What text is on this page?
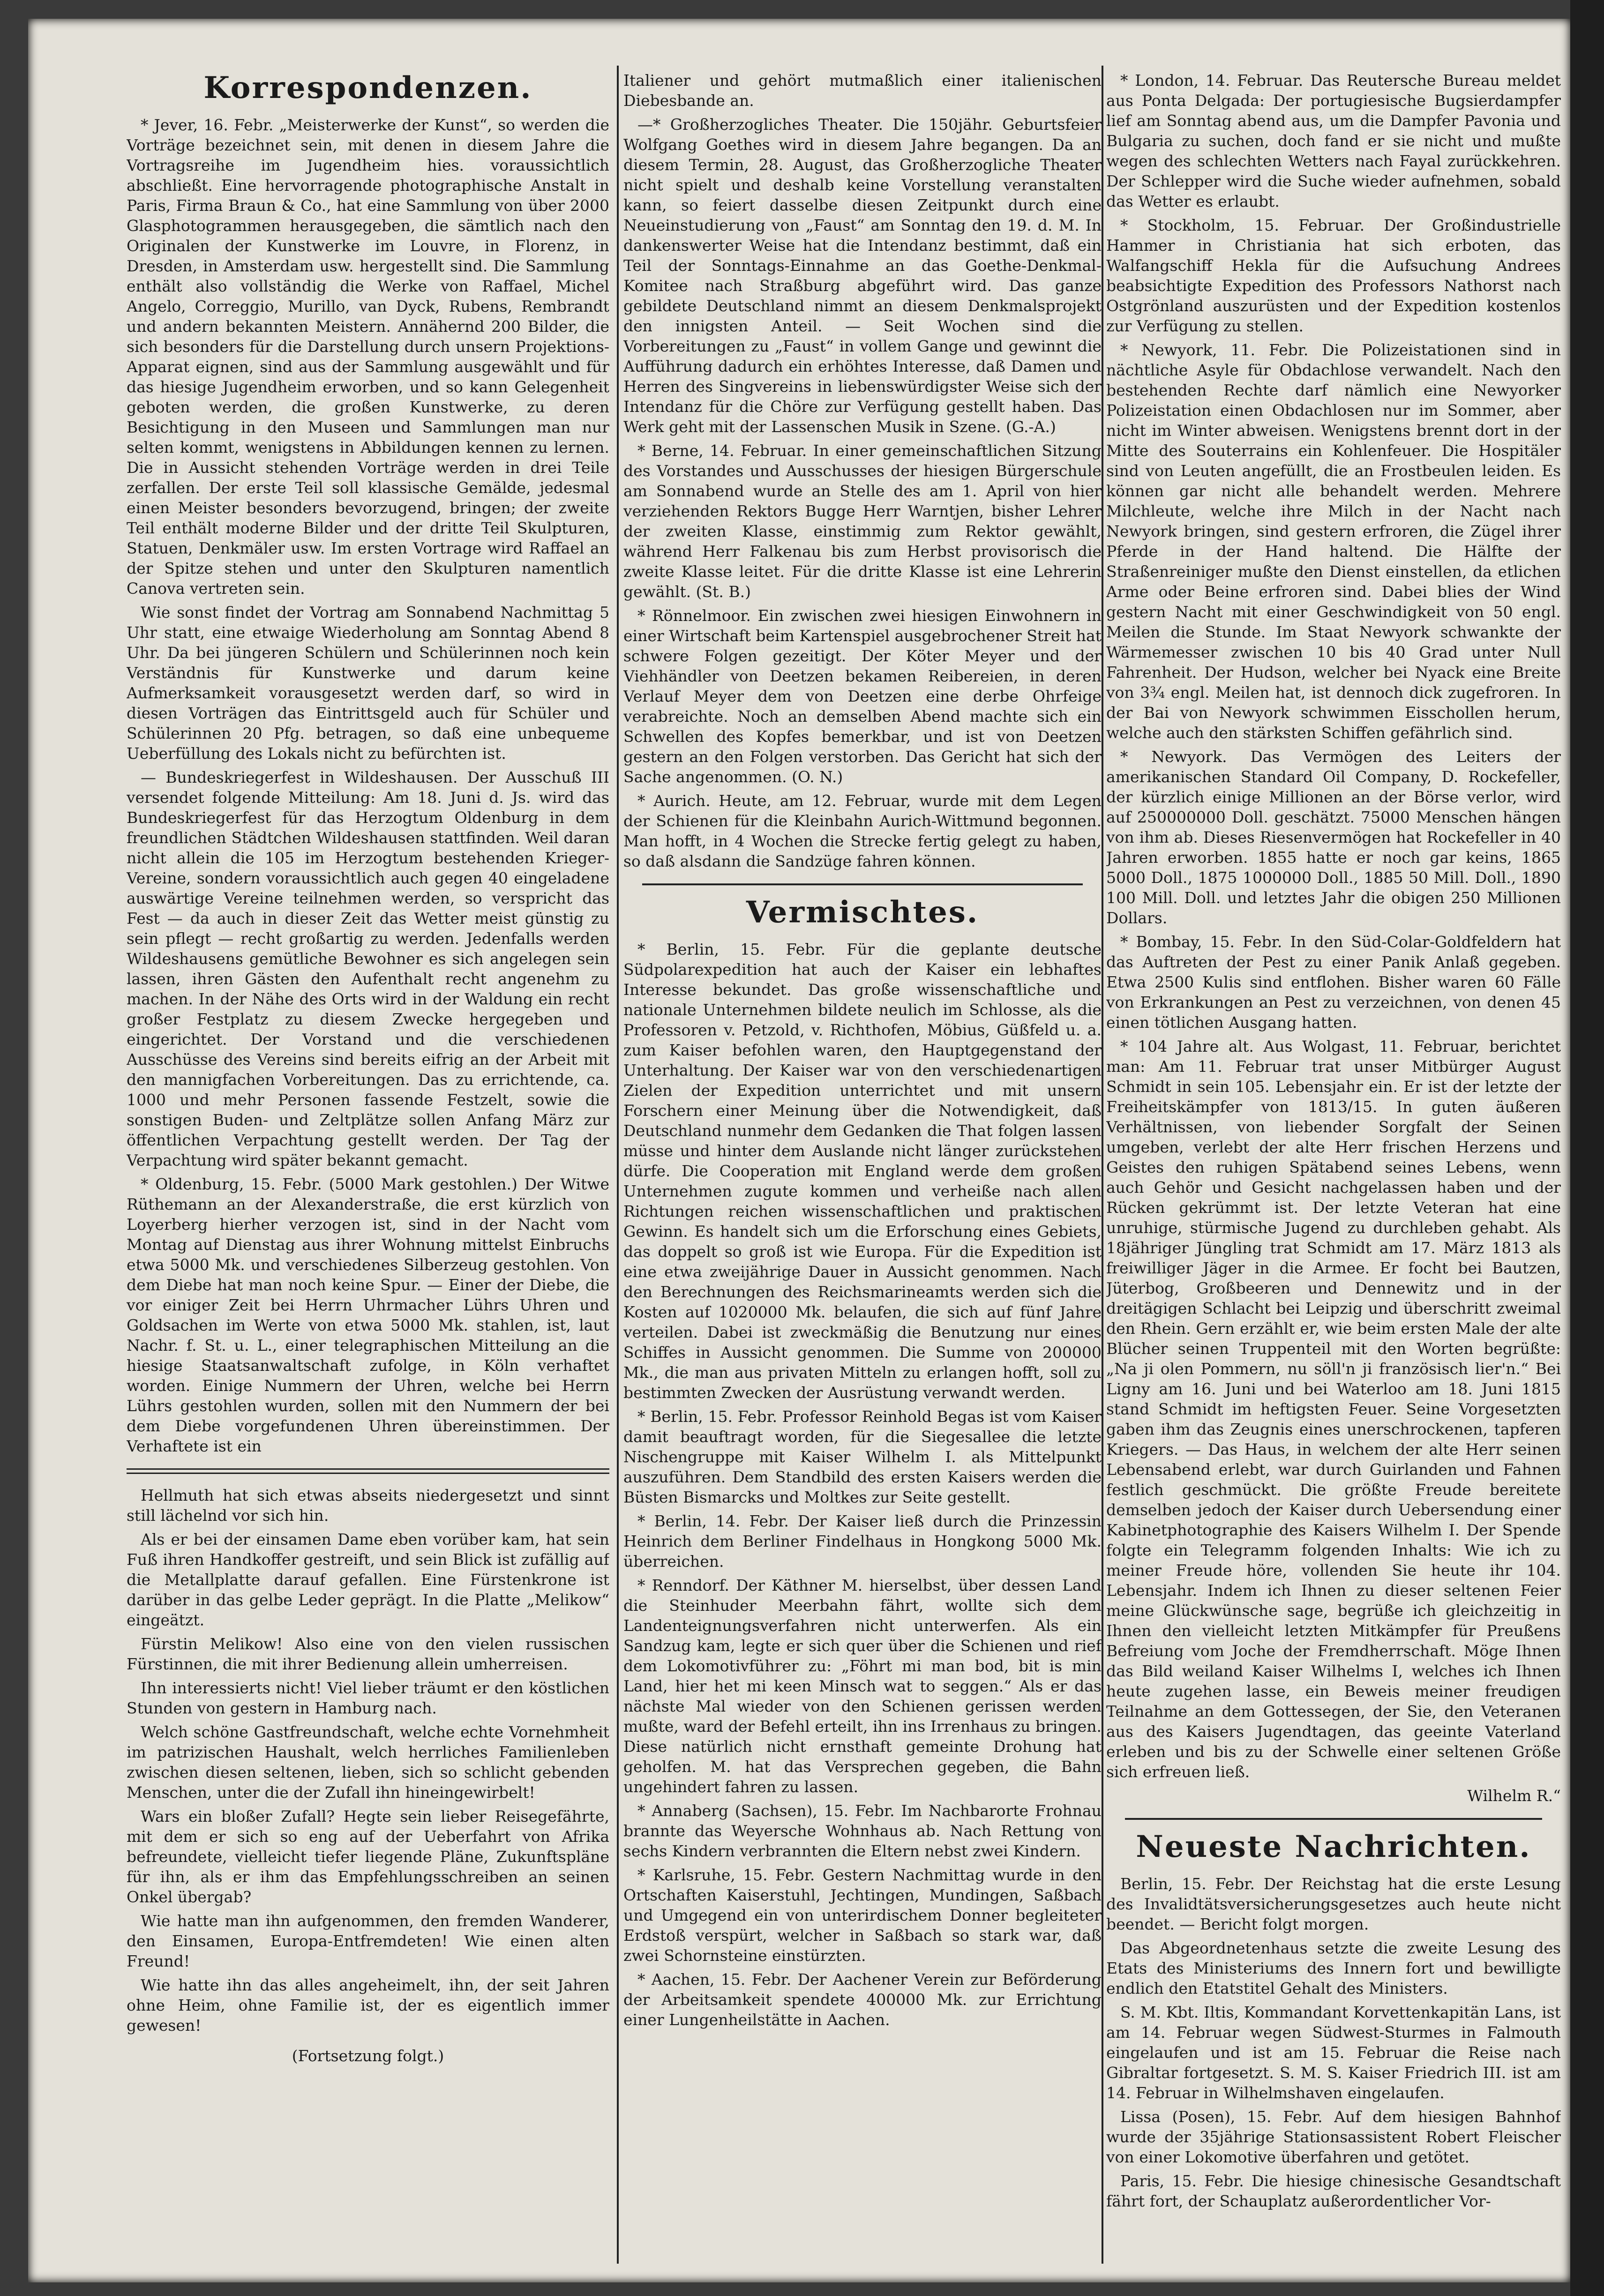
Korrespondenzen.

* Jever, 16. Febr. „Meisterwerke der Kunst“, so werden die Vorträge bezeichnet sein, mit denen in diesem Jahre die Vortragsreihe im Jugendheim hies. voraussichtlich abschließt. Eine hervorragende photographische Anstalt in Paris, Firma Braun & Co., hat eine Sammlung von über 2000 Glasphotogrammen herausgegeben, die sämtlich nach den Originalen der Kunstwerke im Louvre, in Florenz, in Dresden, in Amsterdam usw. hergestellt sind. Die Sammlung enthält also vollständig die Werke von Raffael, Michel Angelo, Correggio, Murillo, van Dyck, Rubens, Rembrandt und andern bekannten Meistern. Annähernd 200 Bilder, die sich besonders für die Darstellung durch unsern Projektions-Apparat eignen, sind aus der Sammlung ausgewählt und für das hiesige Jugendheim erworben, und so kann Gelegenheit geboten werden, die großen Kunstwerke, zu deren Besichtigung in den Museen und Sammlungen man nur selten kommt, wenigstens in Abbildungen kennen zu lernen. Die in Aussicht stehenden Vorträge werden in drei Teile zerfallen. Der erste Teil soll klassische Gemälde, jedesmal einen Meister besonders bevorzugend, bringen; der zweite Teil enthält moderne Bilder und der dritte Teil Skulpturen, Statuen, Denkmäler usw. Im ersten Vortrage wird Raffael an der Spitze stehen und unter den Skulpturen namentlich Canova vertreten sein.

Wie sonst findet der Vortrag am Sonnabend Nachmittag 5 Uhr statt, eine etwaige Wiederholung am Sonntag Abend 8 Uhr. Da bei jüngeren Schülern und Schülerinnen noch kein Verständnis für Kunstwerke und darum keine Aufmerksamkeit vorausgesetzt werden darf, so wird in diesen Vorträgen das Eintrittsgeld auch für Schüler und Schülerinnen 20 Pfg. betragen, so daß eine unbequeme Ueberfüllung des Lokals nicht zu befürchten ist.

— Bundeskriegerfest in Wildeshausen. Der Ausschuß III versendet folgende Mitteilung: Am 18. Juni d. Js. wird das Bundeskriegerfest für das Herzogtum Oldenburg in dem freundlichen Städtchen Wildeshausen stattfinden. Weil daran nicht allein die 105 im Herzogtum bestehenden Krieger-Vereine, sondern voraussichtlich auch gegen 40 eingeladene auswärtige Vereine teilnehmen werden, so verspricht das Fest — da auch in dieser Zeit das Wetter meist günstig zu sein pflegt — recht großartig zu werden. Jedenfalls werden Wildeshausens gemütliche Bewohner es sich angelegen sein lassen, ihren Gästen den Aufenthalt recht angenehm zu machen. In der Nähe des Orts wird in der Waldung ein recht großer Festplatz zu diesem Zwecke hergegeben und eingerichtet. Der Vorstand und die verschiedenen Ausschüsse des Vereins sind bereits eifrig an der Arbeit mit den mannigfachen Vorbereitungen. Das zu errichtende, ca. 1000 und mehr Personen fassende Festzelt, sowie die sonstigen Buden- und Zeltplätze sollen Anfang März zur öffentlichen Verpachtung gestellt werden. Der Tag der Verpachtung wird später bekannt gemacht.

* Oldenburg, 15. Febr. (5000 Mark gestohlen.) Der Witwe Rüthemann an der Alexanderstraße, die erst kürzlich von Loyerberg hierher verzogen ist, sind in der Nacht vom Montag auf Dienstag aus ihrer Wohnung mittelst Einbruchs etwa 5000 Mk. und verschiedenes Silberzeug gestohlen. Von dem Diebe hat man noch keine Spur. — Einer der Diebe, die vor einiger Zeit bei Herrn Uhrmacher Lührs Uhren und Goldsachen im Werte von etwa 5000 Mk. stahlen, ist, laut Nachr. f. St. u. L., einer telegraphischen Mitteilung an die hiesige Staatsanwaltschaft zufolge, in Köln verhaftet worden. Einige Nummern der Uhren, welche bei Herrn Lührs gestohlen wurden, sollen mit den Nummern der bei dem Diebe vorgefundenen Uhren übereinstimmen. Der Verhaftete ist ein

Hellmuth hat sich etwas abseits niedergesetzt und sinnt still lächelnd vor sich hin.

Als er bei der einsamen Dame eben vorüber kam, hat sein Fuß ihren Handkoffer gestreift, und sein Blick ist zufällig auf die Metallplatte darauf gefallen. Eine Fürstenkrone ist darüber in das gelbe Leder geprägt. In die Platte „Melikow“ eingeätzt.

Fürstin Melikow! Also eine von den vielen russischen Fürstinnen, die mit ihrer Bedienung allein umherreisen.

Ihn interessierts nicht! Viel lieber träumt er den köstlichen Stunden von gestern in Hamburg nach.

Welch schöne Gastfreundschaft, welche echte Vornehmheit im patrizischen Haushalt, welch herrliches Familienleben zwischen diesen seltenen, lieben, sich so schlicht gebenden Menschen, unter die der Zufall ihn hineingewirbelt!

Wars ein bloßer Zufall? Hegte sein lieber Reisegefährte, mit dem er sich so eng auf der Ueberfahrt von Afrika befreundete, vielleicht tiefer liegende Pläne, Zukunftspläne für ihn, als er ihm das Empfehlungsschreiben an seinen Onkel übergab?

Wie hatte man ihn aufgenommen, den fremden Wanderer, den Einsamen, Europa-Entfremdeten! Wie einen alten Freund!

Wie hatte ihn das alles angeheimelt, ihn, der seit Jahren ohne Heim, ohne Familie ist, der es eigentlich immer gewesen!

(Fortsetzung folgt.)

Italiener und gehört mutmaßlich einer italienischen Diebesbande an.

—* Großherzogliches Theater. Die 150jähr. Geburtsfeier Wolfgang Goethes wird in diesem Jahre begangen. Da an diesem Termin, 28. August, das Großherzogliche Theater nicht spielt und deshalb keine Vorstellung veranstalten kann, so feiert dasselbe diesen Zeitpunkt durch eine Neueinstudierung von „Faust“ am Sonntag den 19. d. M. In dankenswerter Weise hat die Intendanz bestimmt, daß ein Teil der Sonntags-Einnahme an das Goethe-Denkmal-Komitee nach Straßburg abgeführt wird. Das ganze gebildete Deutschland nimmt an diesem Denkmalsprojekt den innigsten Anteil. — Seit Wochen sind die Vorbereitungen zu „Faust“ in vollem Gange und gewinnt die Aufführung dadurch ein erhöhtes Interesse, daß Damen und Herren des Singvereins in liebenswürdigster Weise sich der Intendanz für die Chöre zur Verfügung gestellt haben. Das Werk geht mit der Lassenschen Musik in Szene. (G.-A.)

* Berne, 14. Februar. In einer gemeinschaftlichen Sitzung des Vorstandes und Ausschusses der hiesigen Bürgerschule am Sonnabend wurde an Stelle des am 1. April von hier verziehenden Rektors Bugge Herr Warntjen, bisher Lehrer der zweiten Klasse, einstimmig zum Rektor gewählt, während Herr Falkenau bis zum Herbst provisorisch die zweite Klasse leitet. Für die dritte Klasse ist eine Lehrerin gewählt. (St. B.)

* Rönnelmoor. Ein zwischen zwei hiesigen Einwohnern in einer Wirtschaft beim Kartenspiel ausgebrochener Streit hat schwere Folgen gezeitigt. Der Köter Meyer und der Viehhändler von Deetzen bekamen Reibereien, in deren Verlauf Meyer dem von Deetzen eine derbe Ohrfeige verabreichte. Noch an demselben Abend machte sich ein Schwellen des Kopfes bemerkbar, und ist von Deetzen gestern an den Folgen verstorben. Das Gericht hat sich der Sache angenommen. (O. N.)

* Aurich. Heute, am 12. Februar, wurde mit dem Legen der Schienen für die Kleinbahn Aurich-Wittmund begonnen. Man hofft, in 4 Wochen die Strecke fertig gelegt zu haben, so daß alsdann die Sandzüge fahren können.

Vermischtes.

* Berlin, 15. Febr. Für die geplante deutsche Südpolarexpedition hat auch der Kaiser ein lebhaftes Interesse bekundet. Das große wissenschaftliche und nationale Unternehmen bildete neulich im Schlosse, als die Professoren v. Petzold, v. Richthofen, Möbius, Güßfeld u. a. zum Kaiser befohlen waren, den Hauptgegenstand der Unterhaltung. Der Kaiser war von den verschiedenartigen Zielen der Expedition unterrichtet und mit unsern Forschern einer Meinung über die Notwendigkeit, daß Deutschland nunmehr dem Gedanken die That folgen lassen müsse und hinter dem Auslande nicht länger zurückstehen dürfe. Die Cooperation mit England werde dem großen Unternehmen zugute kommen und verheiße nach allen Richtungen reichen wissenschaftlichen und praktischen Gewinn. Es handelt sich um die Erforschung eines Gebiets, das doppelt so groß ist wie Europa. Für die Expedition ist eine etwa zweijährige Dauer in Aussicht genommen. Nach den Berechnungen des Reichsmarineamts werden sich die Kosten auf 1020000 Mk. belaufen, die sich auf fünf Jahre verteilen. Dabei ist zweckmäßig die Benutzung nur eines Schiffes in Aussicht genommen. Die Summe von 200000 Mk., die man aus privaten Mitteln zu erlangen hofft, soll zu bestimmten Zwecken der Ausrüstung verwandt werden.

* Berlin, 15. Febr. Professor Reinhold Begas ist vom Kaiser damit beauftragt worden, für die Siegesallee die letzte Nischengruppe mit Kaiser Wilhelm I. als Mittelpunkt auszuführen. Dem Standbild des ersten Kaisers werden die Büsten Bismarcks und Moltkes zur Seite gestellt.

* Berlin, 14. Febr. Der Kaiser ließ durch die Prinzessin Heinrich dem Berliner Findelhaus in Hongkong 5000 Mk. überreichen.

* Renndorf. Der Käthner M. hierselbst, über dessen Land die Steinhuder Meerbahn fährt, wollte sich dem Landenteignungsverfahren nicht unterwerfen. Als ein Sandzug kam, legte er sich quer über die Schienen und rief dem Lokomotivführer zu: „Föhrt mi man bod, bit is min Land, hier het mi keen Minsch wat to seggen.“ Als er das nächste Mal wieder von den Schienen gerissen werden mußte, ward der Befehl erteilt, ihn ins Irrenhaus zu bringen. Diese natürlich nicht ernsthaft gemeinte Drohung hat geholfen. M. hat das Versprechen gegeben, die Bahn ungehindert fahren zu lassen.

* Annaberg (Sachsen), 15. Febr. Im Nachbarorte Frohnau brannte das Weyersche Wohnhaus ab. Nach Rettung von sechs Kindern verbrannten die Eltern nebst zwei Kindern.

* Karlsruhe, 15. Febr. Gestern Nachmittag wurde in den Ortschaften Kaiserstuhl, Jechtingen, Mundingen, Saßbach und Umgegend ein von unterirdischem Donner begleiteter Erdstoß verspürt, welcher in Saßbach so stark war, daß zwei Schornsteine einstürzten.

* Aachen, 15. Febr. Der Aachener Verein zur Beförderung der Arbeitsamkeit spendete 400000 Mk. zur Errichtung einer Lungenheilstätte in Aachen.

* London, 14. Februar. Das Reutersche Bureau meldet aus Ponta Delgada: Der portugiesische Bugsierdampfer lief am Sonntag abend aus, um die Dampfer Pavonia und Bulgaria zu suchen, doch fand er sie nicht und mußte wegen des schlechten Wetters nach Fayal zurückkehren. Der Schlepper wird die Suche wieder aufnehmen, sobald das Wetter es erlaubt.

* Stockholm, 15. Februar. Der Großindustrielle Hammer in Christiania hat sich erboten, das Walfangschiff Hekla für die Aufsuchung Andrees beabsichtigte Expedition des Professors Nathorst nach Ostgrönland auszurüsten und der Expedition kostenlos zur Verfügung zu stellen.

* Newyork, 11. Febr. Die Polizeistationen sind in nächtliche Asyle für Obdachlose verwandelt. Nach den bestehenden Rechte darf nämlich eine Newyorker Polizeistation einen Obdachlosen nur im Sommer, aber nicht im Winter abweisen. Wenigstens brennt dort in der Mitte des Souterrains ein Kohlenfeuer. Die Hospitäler sind von Leuten angefüllt, die an Frostbeulen leiden. Es können gar nicht alle behandelt werden. Mehrere Milchleute, welche ihre Milch in der Nacht nach Newyork bringen, sind gestern erfroren, die Zügel ihrer Pferde in der Hand haltend. Die Hälfte der Straßenreiniger mußte den Dienst einstellen, da etlichen Arme oder Beine erfroren sind. Dabei blies der Wind gestern Nacht mit einer Geschwindigkeit von 50 engl. Meilen die Stunde. Im Staat Newyork schwankte der Wärmemesser zwischen 10 bis 40 Grad unter Null Fahrenheit. Der Hudson, welcher bei Nyack eine Breite von 3¾ engl. Meilen hat, ist dennoch dick zugefroren. In der Bai von Newyork schwimmen Eisschollen herum, welche auch den stärksten Schiffen gefährlich sind.

* Newyork. Das Vermögen des Leiters der amerikanischen Standard Oil Company, D. Rockefeller, der kürzlich einige Millionen an der Börse verlor, wird auf 250000000 Doll. geschätzt. 75000 Menschen hängen von ihm ab. Dieses Riesenvermögen hat Rockefeller in 40 Jahren erworben. 1855 hatte er noch gar keins, 1865 5000 Doll., 1875 1000000 Doll., 1885 50 Mill. Doll., 1890 100 Mill. Doll. und letztes Jahr die obigen 250 Millionen Dollars.

* Bombay, 15. Febr. In den Süd-Colar-Goldfeldern hat das Auftreten der Pest zu einer Panik Anlaß gegeben. Etwa 2500 Kulis sind entflohen. Bisher waren 60 Fälle von Erkrankungen an Pest zu verzeichnen, von denen 45 einen tötlichen Ausgang hatten.

* 104 Jahre alt. Aus Wolgast, 11. Februar, berichtet man: Am 11. Februar trat unser Mitbürger August Schmidt in sein 105. Lebensjahr ein. Er ist der letzte der Freiheitskämpfer von 1813/15. In guten äußeren Verhältnissen, von liebender Sorgfalt der Seinen umgeben, verlebt der alte Herr frischen Herzens und Geistes den ruhigen Spätabend seines Lebens, wenn auch Gehör und Gesicht nachgelassen haben und der Rücken gekrümmt ist. Der letzte Veteran hat eine unruhige, stürmische Jugend zu durchleben gehabt. Als 18jähriger Jüngling trat Schmidt am 17. März 1813 als freiwilliger Jäger in die Armee. Er focht bei Bautzen, Jüterbog, Großbeeren und Dennewitz und in der dreitägigen Schlacht bei Leipzig und überschritt zweimal den Rhein. Gern erzählt er, wie beim ersten Male der alte Blücher seinen Truppenteil mit den Worten begrüßte: „Na ji olen Pommern, nu söll'n ji französisch lier'n.“ Bei Ligny am 16. Juni und bei Waterloo am 18. Juni 1815 stand Schmidt im heftigsten Feuer. Seine Vorgesetzten gaben ihm das Zeugnis eines unerschrockenen, tapferen Kriegers. — Das Haus, in welchem der alte Herr seinen Lebensabend erlebt, war durch Guirlanden und Fahnen festlich geschmückt. Die größte Freude bereitete demselben jedoch der Kaiser durch Uebersendung einer Kabinetphotographie des Kaisers Wilhelm I. Der Spende folgte ein Telegramm folgenden Inhalts: Wie ich zu meiner Freude höre, vollenden Sie heute ihr 104. Lebensjahr. Indem ich Ihnen zu dieser seltenen Feier meine Glückwünsche sage, begrüße ich gleichzeitig in Ihnen den vielleicht letzten Mitkämpfer für Preußens Befreiung vom Joche der Fremdherrschaft. Möge Ihnen das Bild weiland Kaiser Wilhelms I, welches ich Ihnen heute zugehen lasse, ein Beweis meiner freudigen Teilnahme an dem Gottessegen, der Sie, den Veteranen aus des Kaisers Jugendtagen, das geeinte Vaterland erleben und bis zu der Schwelle einer seltenen Größe sich erfreuen ließ.

Wilhelm R.“

Neueste Nachrichten.

Berlin, 15. Febr. Der Reichstag hat die erste Lesung des Invalidtätsversicherungsgesetzes auch heute nicht beendet. — Bericht folgt morgen.

Das Abgeordnetenhaus setzte die zweite Lesung des Etats des Ministeriums des Innern fort und bewilligte endlich den Etatstitel Gehalt des Ministers.

S. M. Kbt. Iltis, Kommandant Korvettenkapitän Lans, ist am 14. Februar wegen Südwest-Sturmes in Falmouth eingelaufen und ist am 15. Februar die Reise nach Gibraltar fortgesetzt. S. M. S. Kaiser Friedrich III. ist am 14. Februar in Wilhelmshaven eingelaufen.

Lissa (Posen), 15. Febr. Auf dem hiesigen Bahnhof wurde der 35jährige Stationsassistent Robert Fleischer von einer Lokomotive überfahren und getötet.

Paris, 15. Febr. Die hiesige chinesische Gesandtschaft fährt fort, der Schauplatz außerordentlicher Vor-
